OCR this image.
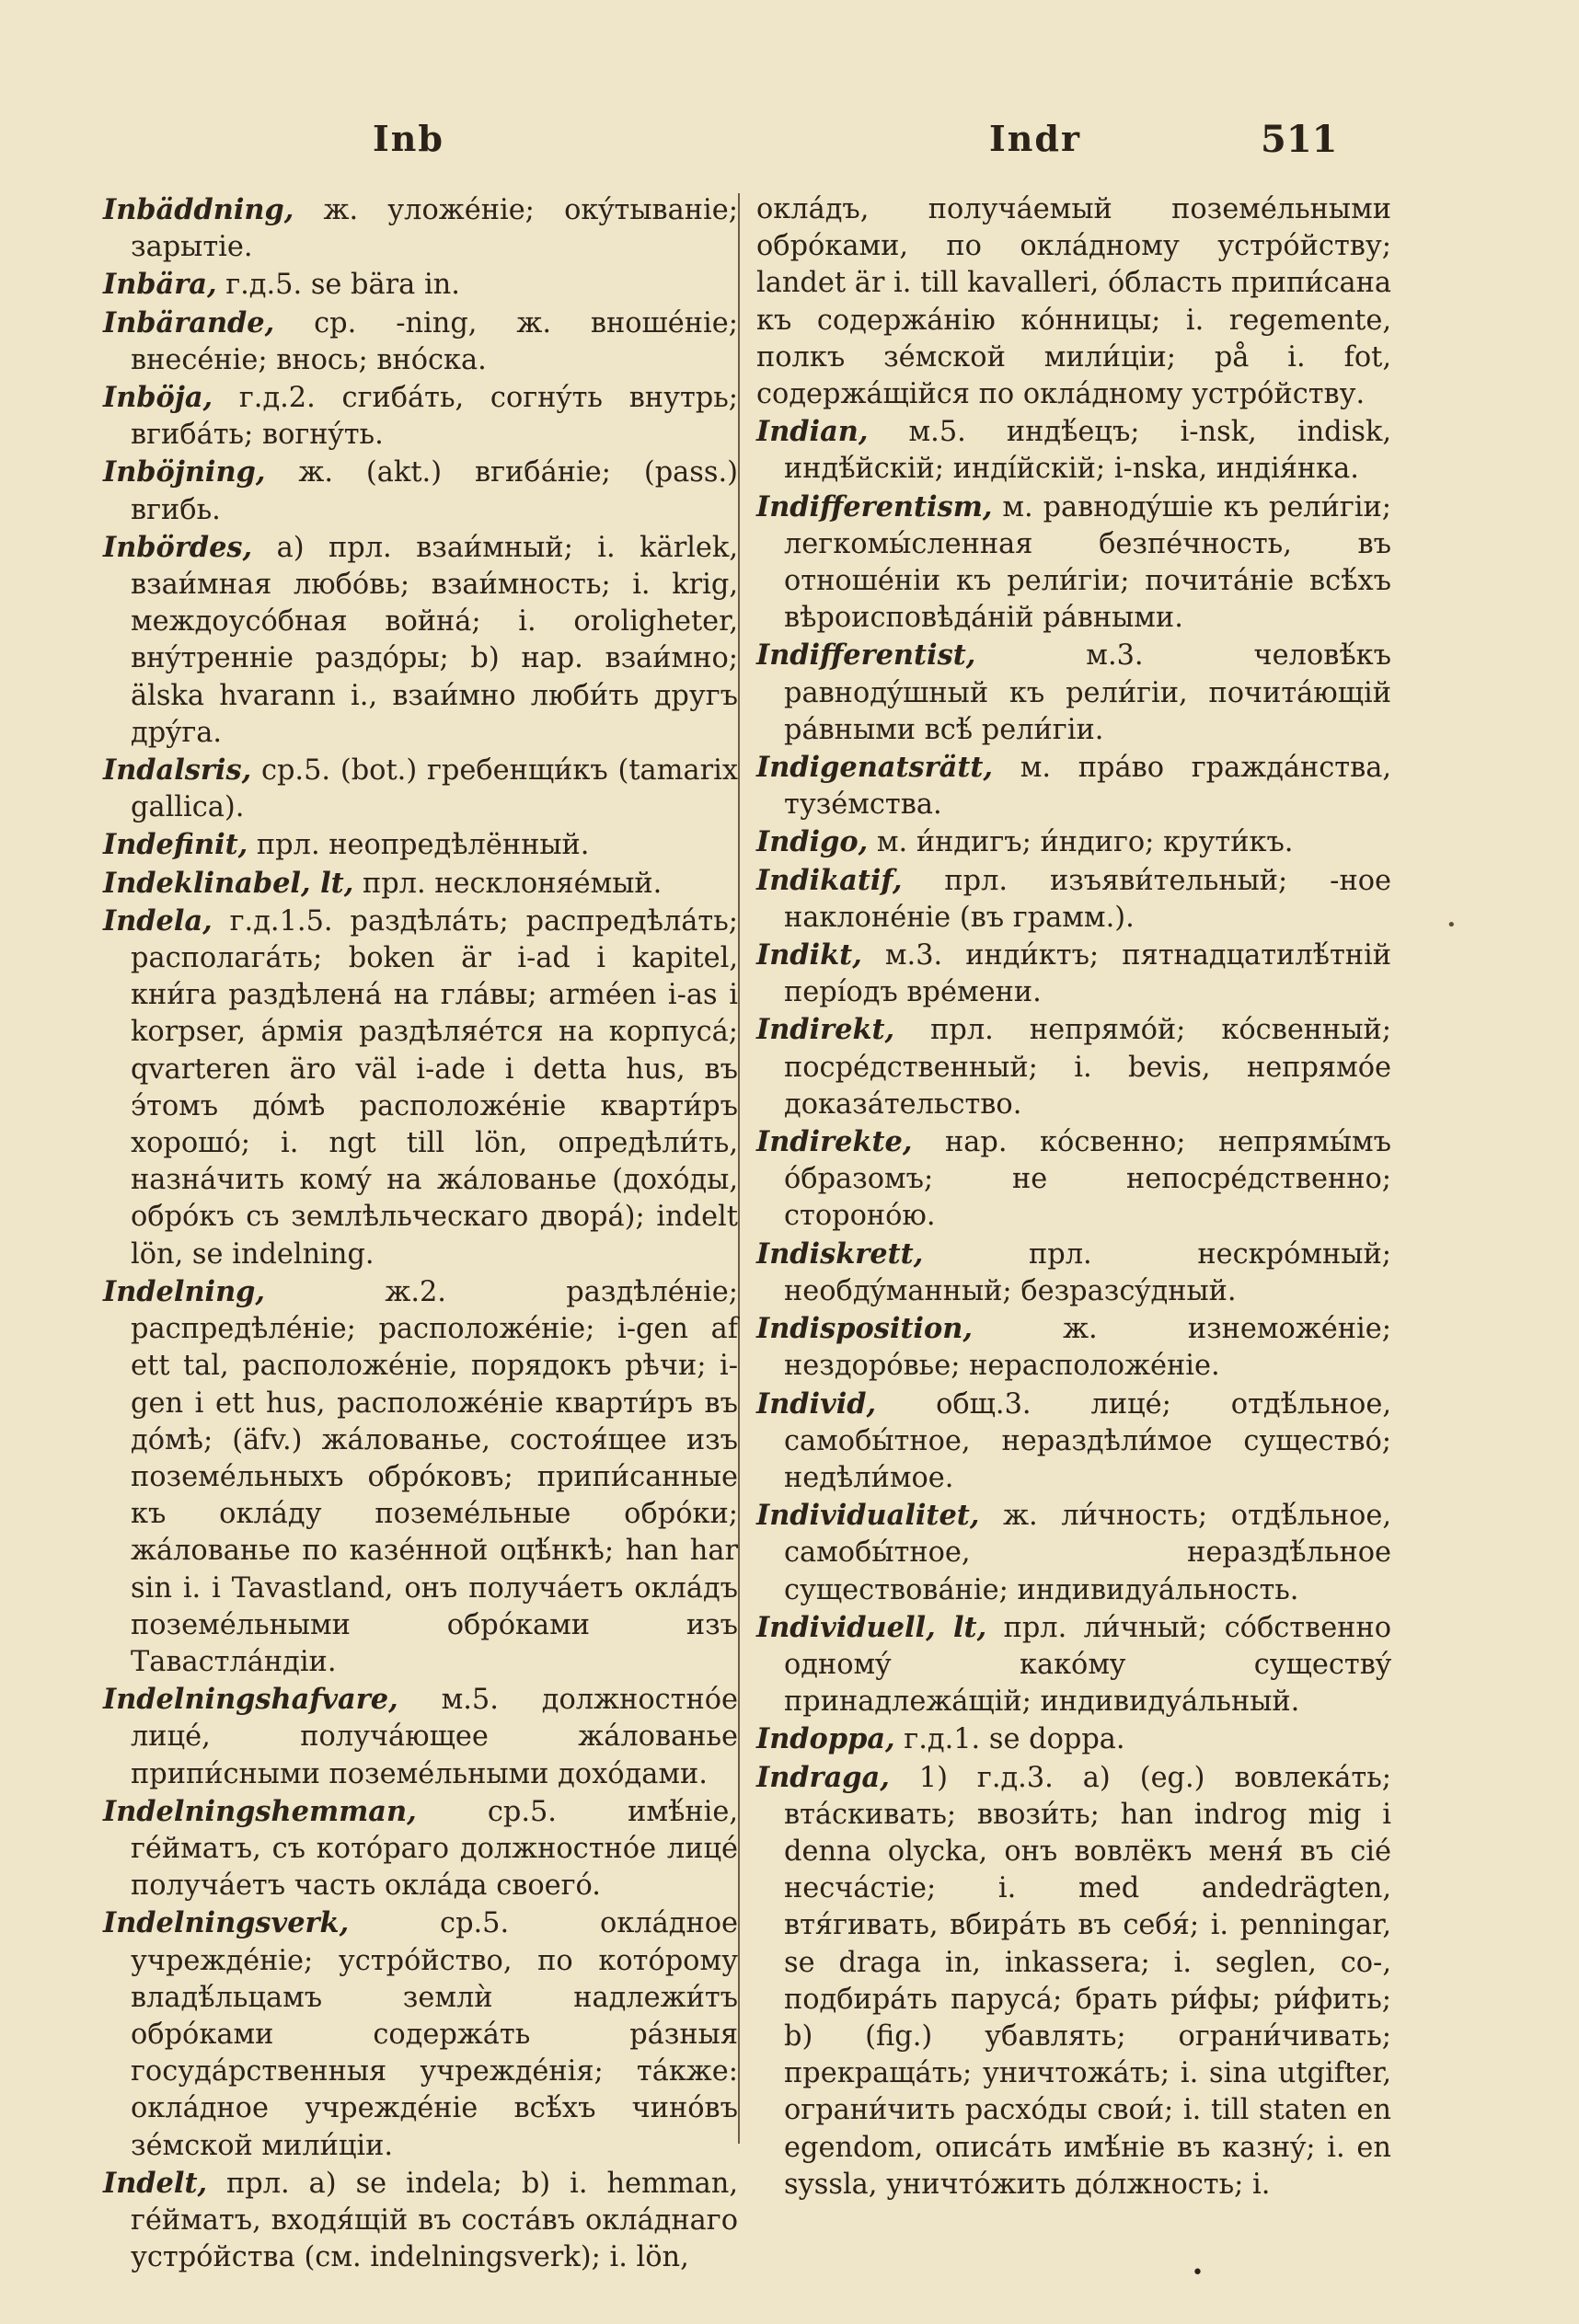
Inb	Indr	511

Inbäddning, ж. уложéніе; окýтываніе; зарытіе.

Inbära, г.д.5. se bära in.

Inbärande, ср. -ning, ж. вношéніе; внесéніе; внось; внóска.

Inböja, г.д.2. сгибáть, согнýть внутрь; вгибáть; вогнýть.

Inböjning, ж. (akt.) вгибáніе; (pass.) вгибь.

Inbördes, a) прл. взаи́мный; i. kärlek, взаи́мная любóвь; взаи́мность; i. krig, междоусóбная войнá; i. oroligheter, внýтренніе раздóры; b) нар. взаи́мно; älska hvarann i., взаи́мно люби́ть другъ дрýга.

Indalsris, ср.5. (bot.) гребенщи́къ (tamarix gallica).

Indefinit, прл. неопредѣлённый.

Indeklinabel, lt, прл. несклоняéмый.

Indela, г.д.1.5. раздѣлáть; распредѣлáть; располагáть; boken är i-ad i kapitel, кни́га раздѣленá на глáвы; arméen i-as i korpser, áрмія раздѣляéтся на корпуcá; qvarteren äro väl i-ade i detta hus, въ э́томъ дóмѣ расположéніе кварти́ръ хорошó; i. ngt till lön, опредѣли́ть, назнáчить комý на жáлованье (дохóды, обрóкъ съ землѣльческаго дворá); indelt lön, se indelning.

Indelning, ж.2. раздѣлéніе; распредѣлéніе; расположéніе; i-gen af ett tal, расположéніе, порядокъ рѣчи; i-gen i ett hus, расположéніе кварти́ръ въ дóмѣ; (äfv.) жáлованье, состоя́щее изъ поземéльныхъ обрóковъ; припи́санные къ оклáду поземéльные обрóки; жáлованье по казéнной оцѣ́нкѣ; han har sin i. i Tavastland, онъ получáетъ оклáдъ поземéльными обрóками изъ Тавастлáндіи.

Indelningshafvare, м.5. должностнóе лицé, получáющее жáлованье припи́сными поземéльными дохóдами.

Indelningshemman, ср.5. имѣ́ніе, гéйматъ, съ котóраго должностнóе лицé получáетъ часть оклáда своегó.

Indelningsverk, ср.5. оклáдное учреждéніе; устрóйство, по котóрому владѣ́льцамъ землѝ надлежи́тъ обрóками содержáть рáзныя госудáрственныя учреждéнія; тáкже: оклáдное учреждéніе всѣ́хъ чинóвъ зéмской мили́ціи.

Indelt, прл. a) se indela; b) i. hemman, гéйматъ, входя́щій въ состáвъ оклáднаго устрóйства (см. indelningsverk); i. lön,

оклáдъ, получáемый поземéльными обрóками, по оклáдному устрóйству; landet är i. till kavalleri, óбласть припи́сана къ содержáнію кóнницы; i. regemente, полкъ зéмской мили́ціи; på i. fot, содержáщійся по оклáдному устрóйству.

Indian, м.5. индѣ́ецъ; i-nsk, indisk, индѣ́йскій; индíйскій; i-nska, индія́нка.

Indifferentism, м. равнодýшіе къ рели́гіи; легкомы́сленная безпéчность, въ отношéніи къ рели́гіи; почитáніе всѣ́хъ вѣроисповѣдáній рáвными.

Indifferentist, м.3. человѣ́къ равнодýшный къ рели́гіи, почитáющій рáвными всѣ́ рели́гіи.

Indigenatsrätt, м. прáво граждáнства, тузéмства.

Indigo, м. и́ндигъ; и́ндиго; крути́къ.

Indikatif, прл. изъяви́тельный; -ное наклонéніе (въ грамм.).

Indikt, м.3. инди́ктъ; пятнадцатилѣ́тній перíодъ врéмени.

Indirekt, прл. непрямóй; кóсвенный; посрéдственный; i. bevis, непрямóе доказáтельство.

Indirekte, нар. кóсвенно; непрямы́мъ óбразомъ; не непосрéдственно; сторонóю.

Indiskrett, прл. нескрóмный; необдýманный; безразсýдный.

Indisposition, ж. изнеможéніе; нездорóвье; нерасположéніе.

Individ, общ.3. лицé; отдѣ́льное, самобы́тное, нераздѣли́мое существó; недѣли́мое.

Individualitet, ж. ли́чность; отдѣ́льное, самобы́тное, нераздѣ́льное существовáніе; индивидуáльность.

Individuell, lt, прл. ли́чный; сóбственно одномý какóмy существý принадлежáщій; индивидуáльный.

Indoppa, г.д.1. se doppa.

Indraga, 1) г.д.3. a) (eg.) вовлекáть; втáскивать; ввози́ть; han indrog mig i denna olycka, онъ вовлёкъ меня́ въ сіé несчáстіе; i. med andedrägten, втя́гивать, вбирáть въ себя́; i. penningar, se draga in, inkassera; i. seglen, со-, подбирáть парусá; брать ри́фы; ри́фить; b) (fig.) убавлять; ограни́чивать; прекращáть; уничтожáть; i. sina utgifter, ограни́чить расхóды свои́; i. till staten en egendom, описáть имѣ́ніе въ казнý; i. en syssla, уничтóжить дóлжность; i.

•
•
